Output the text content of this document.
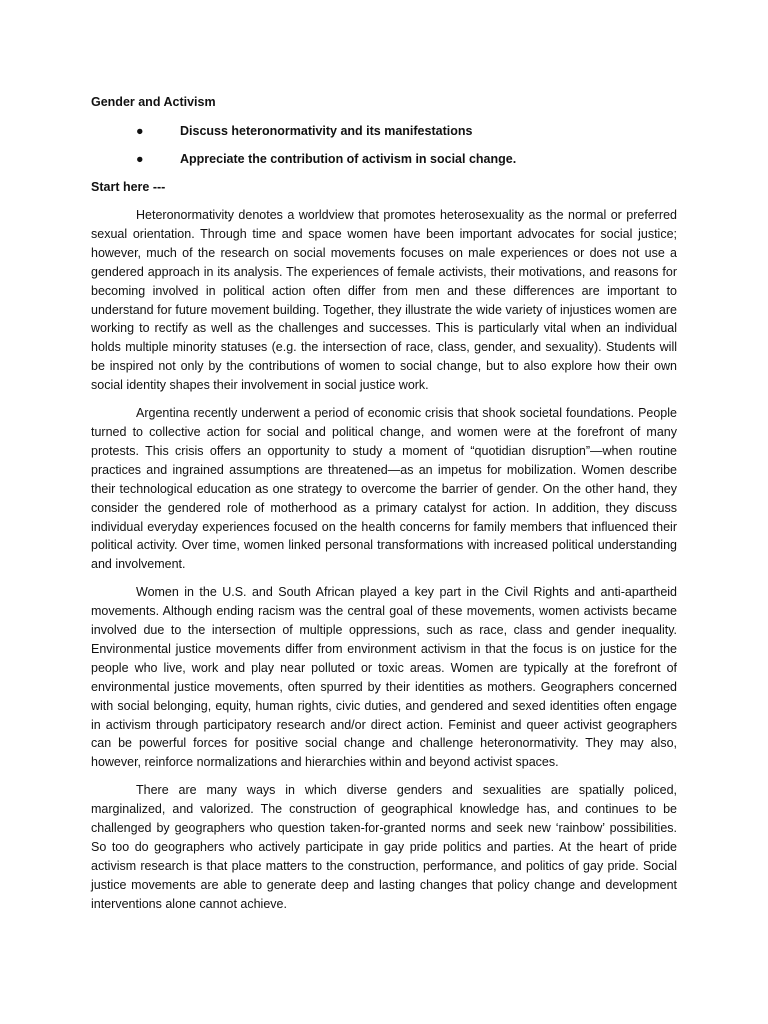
Gender and Activism
●	Discuss heteronormativity and its manifestations
●	Appreciate the contribution of activism in social change.
Start here ---

Heteronormativity denotes a worldview that promotes heterosexuality as the normal or preferred sexual orientation. Through time and space women have been important advocates for social justice; however, much of the research on social movements focuses on male experiences or does not use a gendered approach in its analysis. The experiences of female activists, their motivations, and reasons for becoming involved in political action often differ from men and these differences are important to understand for future movement building. Together, they illustrate the wide variety of injustices women are working to rectify as well as the challenges and successes. This is particularly vital when an individual holds multiple minority statuses (e.g. the intersection of race, class, gender, and sexuality). Students will be inspired not only by the contributions of women to social change, but to also explore how their own social identity shapes their involvement in social justice work.

Argentina recently underwent a period of economic crisis that shook societal foundations. People turned to collective action for social and political change, and women were at the forefront of many protests. This crisis offers an opportunity to study a moment of “quotidian disruption”—when routine practices and ingrained assumptions are threatened—as an impetus for mobilization. Women describe their technological education as one strategy to overcome the barrier of gender. On the other hand, they consider the gendered role of motherhood as a primary catalyst for action. In addition, they discuss individual everyday experiences focused on the health concerns for family members that influenced their political activity. Over time, women linked personal transformations with increased political understanding and involvement.

Women in the U.S. and South African played a key part in the Civil Rights and anti-apartheid movements. Although ending racism was the central goal of these movements, women activists became involved due to the intersection of multiple oppressions, such as race, class and gender inequality. Environmental justice movements differ from environment activism in that the focus is on justice for the people who live, work and play near polluted or toxic areas. Women are typically at the forefront of environmental justice movements, often spurred by their identities as mothers. Geographers concerned with social belonging, equity, human rights, civic duties, and gendered and sexed identities often engage in activism through participatory research and/or direct action. Feminist and queer activist geographers can be powerful forces for positive social change and challenge heteronormativity. They may also, however, reinforce normalizations and hierarchies within and beyond activist spaces.

There are many ways in which diverse genders and sexualities are spatially policed, marginalized, and valorized. The construction of geographical knowledge has, and continues to be challenged by geographers who question taken-for-granted norms and seek new ‘rainbow’ possibilities. So too do geographers who actively participate in gay pride politics and parties. At the heart of pride activism research is that place matters to the construction, performance, and politics of gay pride. Social justice movements are able to generate deep and lasting changes that policy change and development interventions alone cannot achieve.
